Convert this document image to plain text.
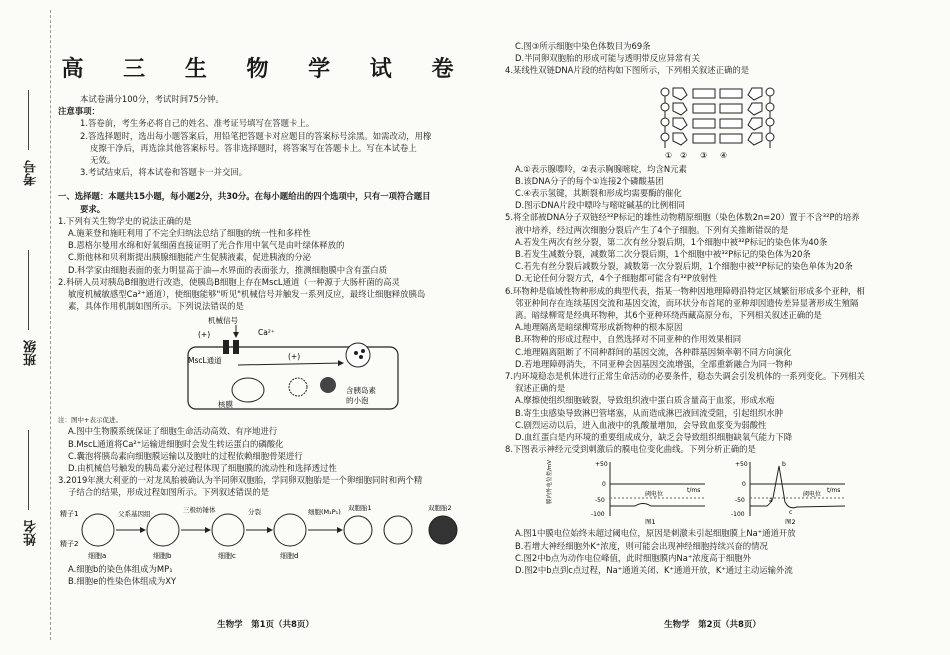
考号
班级
姓名
高 三 生 物 学 试 卷

本试卷满分100分，考试时间75分钟。

注意事项：

1.答卷前，考生务必将自己的姓名、准考证号填写在答题卡上。

2.答选择题时，选出每小题答案后，用铅笔把答题卡对应题目的答案标号涂黑。如需改动，用橡

皮擦干净后，再选涂其他答案标号。答非选择题时，将答案写在答题卡上。写在本试卷上

无效。

3.考试结束后，将本试卷和答题卡一并交回。

一、选择题：本题共15小题，每小题2分，共30分。在每小题给出的四个选项中，只有一项符合题目

要求。

1.下列有关生物学史的说法正确的是

A.施莱登和施旺利用了不完全归纳法总结了细胞的统一性和多样性

B.恩格尔曼用水绵和好氧细菌直接证明了光合作用中氧气是由叶绿体释放的

C.斯他林和贝利斯提出胰腺细胞能产生促胰液素，促进胰液的分泌

D.科学家由细胞表面的张力明显高于油—水界面的表面张力，推测细胞膜中含有蛋白质

2.科研人员对胰岛B细胞进行改造，使胰岛B细胞上存在MscL通道（一种源于大肠杆菌的高灵

敏度机械敏感型Ca²⁺通道），使细胞能够"听见"机械信号并触发一系列反应，最终让细胞释放胰岛

素，具体作用机制如图所示。下列说法错误的是

机械信号
Ca²⁺
MscL通道
(+)
(+)
核膜
含胰岛素
的小泡

注：图中+表示促进。

A.图中生物膜系统保证了细胞生命活动高效、有序地进行

B.MscL通道将Ca²⁺运输进细胞时会发生转运蛋白的磷酸化

C.囊泡将胰岛素向细胞膜运输以及胞吐的过程依赖细胞骨架进行

D.由机械信号触发的胰岛素分泌过程体现了细胞膜的流动性和选择透过性

3.2019年澳大利亚的一对龙凤胎被确认为半同卵双胞胎，学同卵双胞胎是一个卵细胞同时和两个精

子结合的结果，形成过程如图所示。下列叙述错误的是

精子1
精子2
细胞a	细胞b	细胞c	细胞d
父系基因组	三极纺锤体	分裂	细胞(M₁P₁) 双胞胎1	双胞胎2

A.细胞b的染色体组成为MP₁

B.细胞e的性染色体组成为XY

生物学　第1页（共8页）

C.图③所示细胞中染色体数目为69条

D.半同卵双胞胎的形成可能与透明带反应异常有关

4.某线性双链DNA片段的结构如下图所示，下列相关叙述正确的是

① ② ③ ④

A.①表示腺嘌呤，②表示胸腺嘧啶，均含N元素

B.该DNA分子的每个①连接2个磷酸基团

C.④表示氢键，其断裂和形成均需要酶的催化

D.图示DNA片段中嘌呤与嘧啶碱基的比例相同

5.将全部被DNA分子双链经³²P标记的雄性动物精原细胞（染色体数2n=20）置于不含³²P的培养

液中培养，经过两次细胞分裂后产生了4个子细胞。下列有关推断错误的是

A.若发生两次有丝分裂，第二次有丝分裂后期，1个细胞中被³²P标记的染色体为40条

B.若发生减数分裂，减数第二次分裂后期，1个细胞中被³²P标记的染色体为20条

C.若先有丝分裂后减数分裂，减数第一次分裂后期，1个细胞中被³²P标记的染色单体为20条

D.无论任何分裂方式，4个子细胞都可能含有³²P放射性

6.环物种是临域性物种形成的典型代表，指某一物种因地理障碍沿特定区域繁衍形成多个亚种，相

邻亚种间存在连续基因交流和基因交流，而环状分布首尾的亚种却因遗传差异显著形成生殖隔

离。暗绿柳莺是经典环物种，其6个亚种环绕西藏高原分布，下列相关叙述正确的是

A.地理隔离是暗绿柳莺形成新物种的根本原因

B.环物种的形成过程中，自然选择对不同亚种的作用效果相同

C.地理隔离阻断了不同种群间的基因交流，各种群基因频率朝不同方向演化

D.若地理障碍消失，不同亚种会因基因交流增强，全部重新融合为同一物种

7.内环境稳态是机体进行正常生命活动的必要条件，稳态失调会引发机体的一系列变化。下列相关

叙述正确的是

A.摩擦使组织细胞破裂，导致组织液中蛋白质含量高于血浆，形成水疱

B.寄生虫感染导致淋巴管堵塞，从而造成淋巴液回流受阻，引起组织水肿

C.剧烈运动以后，进入血液中的乳酸量增加，会导致血浆变为弱酸性

D.血红蛋白是内环境的重要组成成分，缺乏会导致组织细胞缺氧气能力下降

8.下图表示神经元受到刺激后的膜电位变化曲线。下列分析正确的是

+50
0
-50
-100
阈电位
t/ms
图1
膜内外电位差/mV	+50
0
-50
-100
a
b
c
阈电位
t/ms
图2

A.图1中膜电位始终未超过阈电位，原因是刺激未引起细胞膜上Na⁺通道开放

B.若增大神经细胞外K⁺浓度，则可能会出现神经细胞持续兴奋的情况

C.图2中b点为动作电位峰值，此时细胞膜内Na⁺浓度高于细胞外

D.图2中b点到c点过程，Na⁺通道关闭、K⁺通道开放，K⁺通过主动运输外流

生物学　第2页（共8页）
